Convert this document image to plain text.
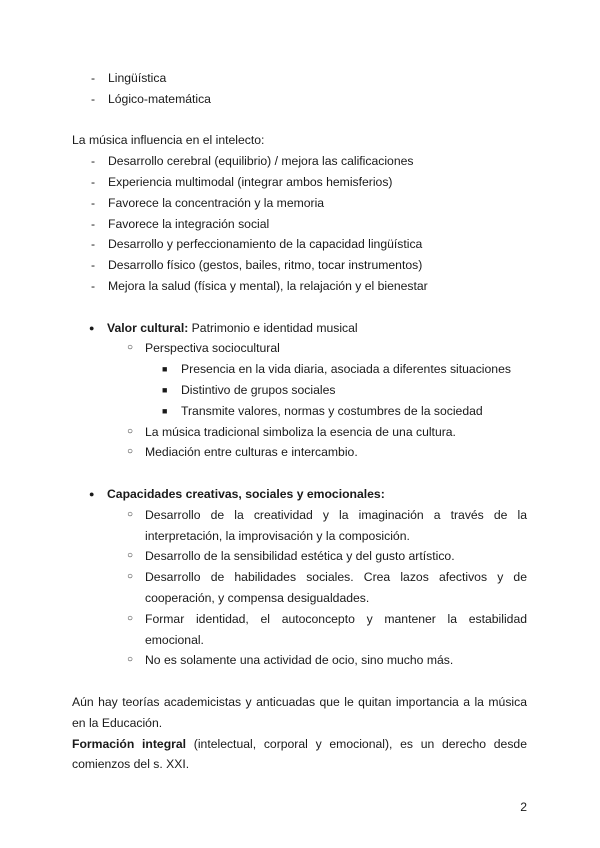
- Lingüística
- Lógico-matemática
La música influencia en el intelecto:
- Desarrollo cerebral (equilibrio) / mejora las calificaciones
- Experiencia multimodal (integrar ambos hemisferios)
- Favorece la concentración y la memoria
- Favorece la integración social
- Desarrollo y perfeccionamiento de la capacidad lingüística
- Desarrollo físico (gestos, bailes, ritmo, tocar instrumentos)
- Mejora la salud (física y mental), la relajación y el bienestar
● Valor cultural: Patrimonio e identidad musical
○ Perspectiva sociocultural
■ Presencia en la vida diaria, asociada a diferentes situaciones
■ Distintivo de grupos sociales
■ Transmite valores, normas y costumbres de la sociedad
○ La música tradicional simboliza la esencia de una cultura.
○ Mediación entre culturas e intercambio.
● Capacidades creativas, sociales y emocionales:
○ Desarrollo de la creatividad y la imaginación a través de la interpretación, la improvisación y la composición.
○ Desarrollo de la sensibilidad estética y del gusto artístico.
○ Desarrollo de habilidades sociales. Crea lazos afectivos y de cooperación, y compensa desigualdades.
○ Formar identidad, el autoconcepto y mantener la estabilidad emocional.
○ No es solamente una actividad de ocio, sino mucho más.
Aún hay teorías academicistas y anticuadas que le quitan importancia a la música en la Educación.
Formación integral (intelectual, corporal y emocional), es un derecho desde comienzos del s. XXI.
2
